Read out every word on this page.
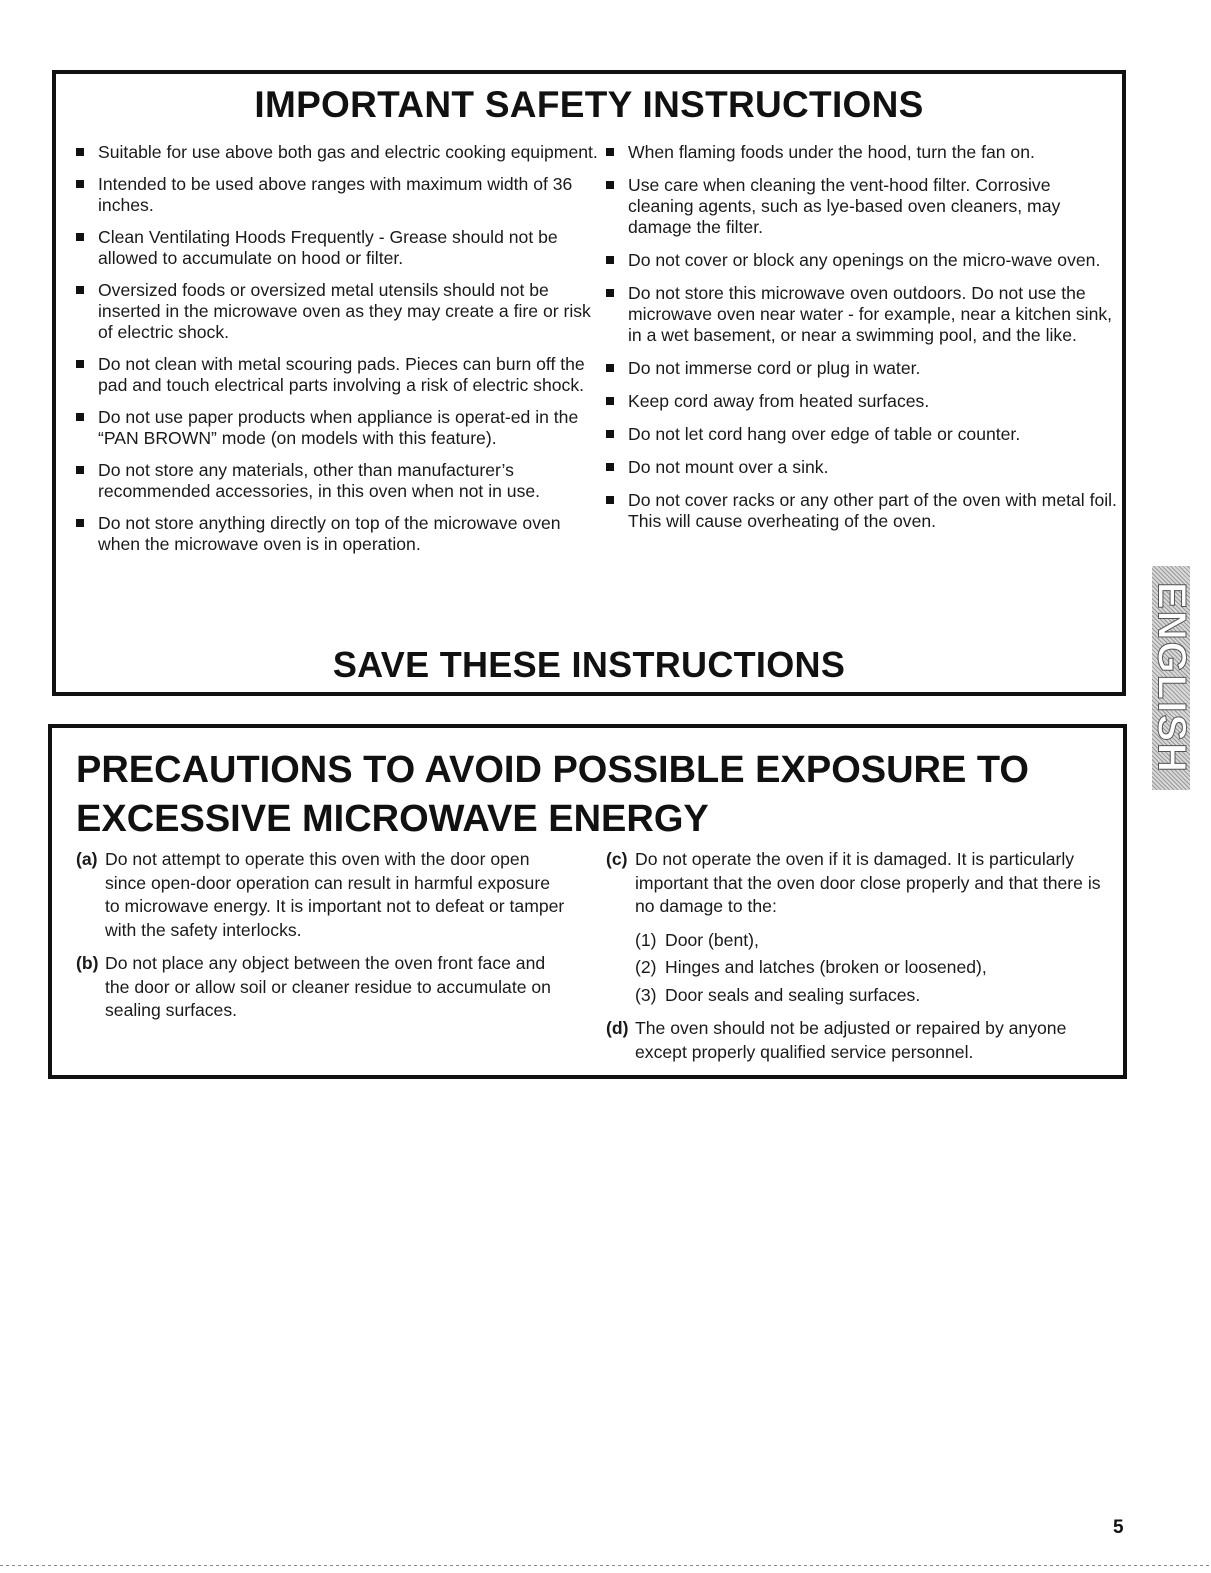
IMPORTANT SAFETY INSTRUCTIONS
Suitable for use above both gas and electric cooking equipment.
Intended to be used above ranges with maximum width of 36 inches.
Clean Ventilating Hoods Frequently - Grease should not be allowed to accumulate on hood or filter.
Oversized foods or oversized metal utensils should not be inserted in the microwave oven as they may create a fire or risk of electric shock.
Do not clean with metal scouring pads. Pieces can burn off the pad and touch electrical parts involving a risk of electric shock.
Do not use paper products when appliance is operat-ed in the “PAN BROWN” mode (on models with this feature).
Do not store any materials, other than manufacturer’s recommended accessories, in this oven when not in use.
Do not store anything directly on top of the microwave oven when the microwave oven is in operation.
When flaming foods under the hood, turn the fan on.
Use care when cleaning the vent-hood filter. Corrosive cleaning agents, such as lye-based oven cleaners, may damage the filter.
Do not cover or block any openings on the micro-wave oven.
Do not store this microwave oven outdoors. Do not use the microwave oven near water - for example, near a kitchen sink, in a wet basement, or near a swimming pool, and the like.
Do not immerse cord or plug in water.
Keep cord away from heated surfaces.
Do not let cord hang over edge of table or counter.
Do not mount over a sink.
Do not cover racks or any other part of the oven with metal foil. This will cause overheating of the oven.
SAVE THESE INSTRUCTIONS
PRECAUTIONS TO AVOID POSSIBLE EXPOSURE TO EXCESSIVE MICROWAVE ENERGY
(a) Do not attempt to operate this oven with the door open since open-door operation can result in harmful exposure to microwave energy. It is important not to defeat or tamper with the safety interlocks.
(b) Do not place any object between the oven front face and the door or allow soil or cleaner residue to accumulate on sealing surfaces.
(c) Do not operate the oven if it is damaged. It is particularly important that the oven door close properly and that there is no damage to the:
(1) Door (bent),
(2) Hinges and latches (broken or loosened),
(3) Door seals and sealing surfaces.
(d) The oven should not be adjusted or repaired by anyone except properly qualified service personnel.
ENGLISH
5
